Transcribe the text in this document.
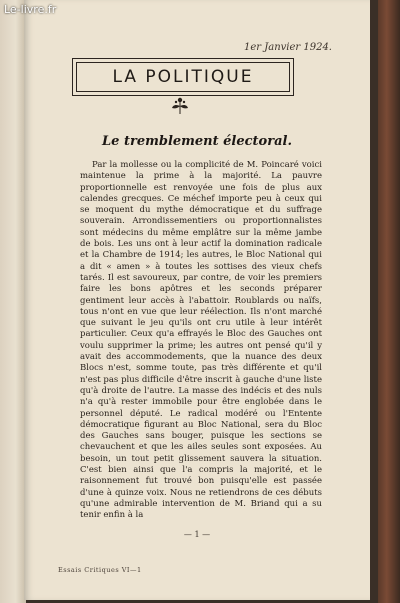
1er Janvier 1924.
LA POLITIQUE
Le tremblement électoral.
Par la mollesse ou la complicité de M. Poincaré voici maintenue la prime à la majorité. La pauvre proportionnelle est renvoyée une fois de plus aux calendes grecques. Ce méchef importe peu à ceux qui se moquent du mythe démocratique et du suffrage souverain. Arrondissementiers ou proportionnalistes sont médecins du même emplâtre sur la même jambe de bois. Les uns ont à leur actif la domination radicale et la Chambre de 1914; les autres, le Bloc National qui a dit « amen » à toutes les sottises des vieux chefs tarés. Il est savoureux, par contre, de voir les premiers faire les bons apôtres et les seconds préparer gentiment leur accès à l'abattoir. Roublards ou naïfs, tous n'ont en vue que leur réélection. Ils n'ont marché que suivant le jeu qu'ils ont cru utile à leur intérêt particulier. Ceux qu'a effrayés le Bloc des Gauches ont voulu supprimer la prime; les autres ont pensé qu'il y avait des accommodements, que la nuance des deux Blocs n'est, somme toute, pas très différente et qu'il n'est pas plus difficile d'être inscrit à gauche d'une liste qu'à droite de l'autre. La masse des indécis et des nuls n'a qu'à rester immobile pour être englobée dans le personnel député. Le radical modéré ou l'Entente démocratique figurant au Bloc National, sera du Bloc des Gauches sans bouger, puisque les sections se chevauchent et que les ailes seules sont exposées. Au besoin, un tout petit glissement sauvera la situation. C'est bien ainsi que l'a compris la majorité, et le raisonnement fut trouvé bon puisqu'elle est passée d'une à quinze voix. Nous ne retiendrons de ces débuts qu'une admirable intervention de M. Briand qui a su tenir enfin à la
— 1 —
Essais Critiques VI—1
Le-livre.fr
